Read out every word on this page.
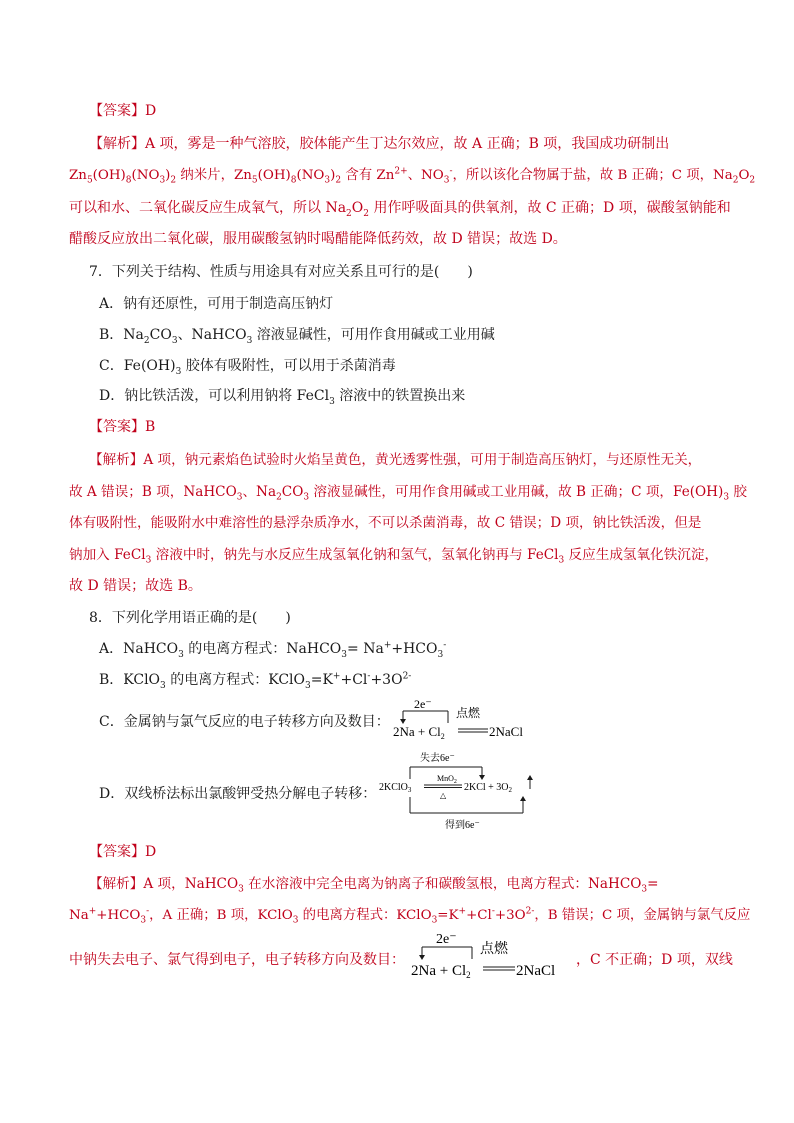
【答案】D
【解析】A 项，雾是一种气溶胶，胶体能产生丁达尔效应，故 A 正确；B 项，我国成功研制出
$Zn_5(OH)_8(NO_3)_2$ 纳米片，$Zn_5(OH)_8(NO_3)_2$ 含有 $Zn^{2+}$、$NO_3^-$，所以该化合物属于盐，故 B 正确；C 项，$Na_2O_2$
可以和水、二氧化碳反应生成氧气，所以 $Na_2O_2$ 用作呼吸面具的供氧剂，故 C 正确；D 项，碳酸氢钠能和
醋酸反应放出二氧化碳，服用碳酸氢钠时喝醋能降低药效，故 D 错误；故选 D。
7．下列关于结构、性质与用途具有对应关系且可行的是(　　)
A．钠有还原性，可用于制造高压钠灯
B．$Na_2CO_3$、NaHCO$_3$ 溶液显碱性，可用作食用碱或工业用碱
C．$Fe(OH)_3$ 胶体有吸附性，可以用于杀菌消毒
D．钠比铁活泼，可以利用钠将 FeCl$_3$ 溶液中的铁置换出来
【答案】B
【解析】A 项，钠元素焰色试验时火焰呈黄色，黄光透雾性强，可用于制造高压钠灯，与还原性无关，
故 A 错误；B 项，NaHCO$_3$、$Na_2CO_3$ 溶液显碱性，可用作食用碱或工业用碱，故 B 正确；C 项，$Fe(OH)_3$ 胶
体有吸附性，能吸附水中难溶性的悬浮杂质净水，不可以杀菌消毒，故 C 错误；D 项，钠比铁活泼，但是
钠加入 FeCl$_3$ 溶液中时，钠先与水反应生成氢氧化钠和氢气，氢氧化钠再与 FeCl$_3$ 反应生成氢氧化铁沉淀，
故 D 错误；故选 B。
8．下列化学用语正确的是(　　)
A．NaHCO$_3$ 的电离方程式：NaHCO$_3$= $Na^++HCO_3^-$
B．KClO$_3$ 的电离方程式：$KClO_3=K^++Cl^-+3O^{2-}$
C．金属钠与氯气反应的电子转移方向及数目：
2e⁻
点燃
$2Na + Cl_2$	2NaCl
D．双线桥法标出氯酸钾受热分解电子转移：
失去6e⁻
MnO$_2$
△
2KClO$_3$	$2KCl + 3O_2$
得到6e⁻
【答案】D
【解析】A 项，NaHCO$_3$ 在水溶液中完全电离为钠离子和碳酸氢根，电离方程式：NaHCO$_3$=
$Na^++HCO_3^-$，A 正确；B 项，KClO$_3$ 的电离方程式：$KClO_3=K^++Cl^-+3O^{2-}$，B 错误；C 项，金属钠与氯气反应
中钠失去电子、氯气得到电子，电子转移方向及数目：
2e⁻
点燃
$2Na + Cl_2$	2NaCl
，C 不正确；D 项，双线
